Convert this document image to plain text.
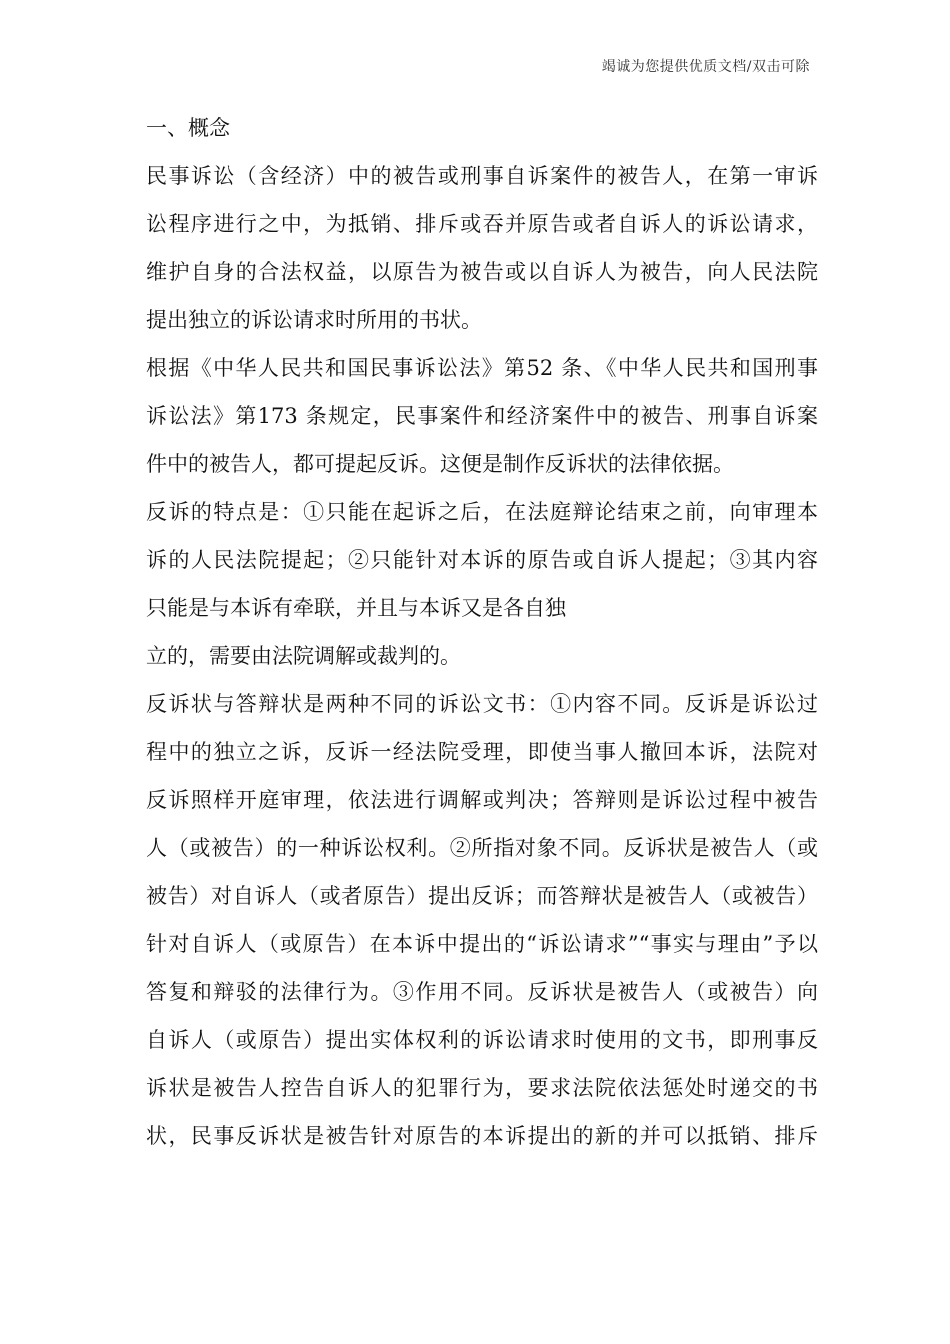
竭诚为您提供优质文档/双击可除
一、概念
民事诉讼（含经济）中的被告或刑事自诉案件的被告人，在第一审诉
讼程序进行之中，为抵销、排斥或吞并原告或者自诉人的诉讼请求，
维护自身的合法权益，以原告为被告或以自诉人为被告，向人民法院
提出独立的诉讼请求时所用的书状。
根据《中华人民共和国民事诉讼法》第52 条、《中华人民共和国刑事
诉讼法》第173 条规定，民事案件和经济案件中的被告、刑事自诉案
件中的被告人，都可提起反诉。这便是制作反诉状的法律依据。
反诉的特点是：①只能在起诉之后，在法庭辩论结束之前，向审理本
诉的人民法院提起；②只能针对本诉的原告或自诉人提起；③其内容
只能是与本诉有牵联，并且与本诉又是各自独
立的，需要由法院调解或裁判的。
反诉状与答辩状是两种不同的诉讼文书：①内容不同。反诉是诉讼过
程中的独立之诉，反诉一经法院受理，即使当事人撤回本诉，法院对
反诉照样开庭审理，依法进行调解或判决；答辩则是诉讼过程中被告
人（或被告）的一种诉讼权利。②所指对象不同。反诉状是被告人（或
被告）对自诉人（或者原告）提出反诉；而答辩状是被告人（或被告）
针对自诉人（或原告）在本诉中提出的“诉讼请求”“事实与理由”予以
答复和辩驳的法律行为。③作用不同。反诉状是被告人（或被告）向
自诉人（或原告）提出实体权利的诉讼请求时使用的文书，即刑事反
诉状是被告人控告自诉人的犯罪行为，要求法院依法惩处时递交的书
状，民事反诉状是被告针对原告的本诉提出的新的并可以抵销、排斥
